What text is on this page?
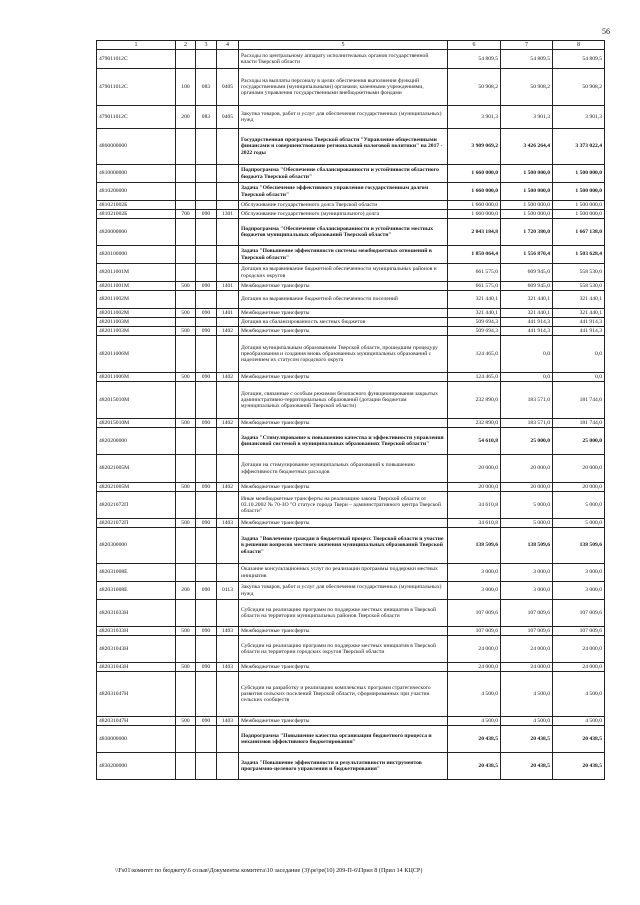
56
1	2	3	4	5	6	7	8
479011012С				Расходы по центральному аппарату исполнительных органов государственной власти Тверской области	54 809,5	54 809,5	54 809,5
479011012С	100	083	0405	Расходы на выплаты персоналу в целях обеспечения выполнения функций государственными (муниципальными) органами, казенными учреждениями, органами управления государственными внебюджетными фондами	50 908,2	50 908,2	50 908,2
479011012С	200	083	0405	Закупка товаров, работ и услуг для обеспечения государственных (муниципальных) нужд	3 901,3	3 901,3	3 901,3
4800000000				Государственная программа Тверской области "Управление общественными финансами и совершенствование региональной налоговой политики" на 2017 - 2022 годы	3 909 069,2	3 426 264,4	3 373 022,4
4810000000				Подпрограмма "Обеспечение сбалансированности и устойчивости областного бюджета Тверской области"	1 660 000,0	1 500 000,0	1 500 000,0
4810200000				Задача "Обеспечение эффективного управления государственным долгом Тверской области"	1 660 000,0	1 500 000,0	1 500 000,0
481021002Б				Обслуживание государственного долга Тверской области	1 660 000,0	1 500 000,0	1 500 000,0
481021002Б	700	090	1301	Обслуживание государственного (муниципального) долга	1 660 000,0	1 500 000,0	1 500 000,0
4820000000				Подпрограмма "Обеспечение сбалансированности и устойчивости местных бюджетов муниципальных образований Тверской области"	2 043 184,8	1 720 380,0	1 667 138,0
4820100000				Задача "Повышение эффективности системы межбюджетных отношений в Тверской области"	1 850 064,4	1 556 870,4	1 503 628,4
482011001М				Дотация на выравнивание бюджетной обеспеченности муниципальных районов и городских округов	661 575,0	609 945,0	558 530,0
482011001М	500	090	1401	Межбюджетные трансферты	661 575,0	609 945,0	558 530,0
482011002М				Дотация на выравнивание бюджетной обеспеченности поселений	321 440,1	321 440,1	321 440,1
482011002М	500	090	1401	Межбюджетные трансферты	321 440,1	321 440,1	321 440,1
482011003М				Дотация на сбалансированность местных бюджетов	509 694,3	441 914,3	441 914,3
482011003М	500	090	1402	Межбюджетные трансферты	509 694,3	441 914,3	441 914,3
482011006М				Дотация муниципальным образованиям Тверской области, прошедшим процедуру преобразования и создания вновь образованных муниципальных образований с наделением их статусом городского округа	124 465,0	0,0	0,0
482011006М	500	090	1402	Межбюджетные трансферты	124 465,0	0,0	0,0
482015010М				Дотации, связанные с особым режимом безопасного функционирования закрытых административно-территориальных образований (дотации бюджетам муниципальных образований Тверской области)	232 890,0	183 571,0	181 744,0
482015010М	500	090	1402	Межбюджетные трансферты	232 890,0	183 571,0	181 744,0
4820200000				Задача "Стимулирование к повышению качества и эффективности управления финансовой системой в муниципальных образованиях Тверской области"	54 610,8	25 000,0	25 000,0
482021005М				Дотации на стимулирование муниципальных образований к повышению эффективности бюджетных расходов	20 000,0	20 000,0	20 000,0
482021005М	500	090	1402	Межбюджетные трансферты	20 000,0	20 000,0	20 000,0
482021072П				Иные межбюджетные трансферты на реализацию закона Тверской области от 03.10.2002 № 70-ЗО "О статусе города Твери – административного центра Тверской области"	34 610,8	5 000,0	5 000,0
482021072П	500	090	1403	Межбюджетные трансферты	34 610,8	5 000,0	5 000,0
4820300000				Задача "Вовлечение граждан в бюджетный процесс Тверской области и участие в решении вопросов местного значения муниципальных образований Тверской области"	138 509,6	138 509,6	138 509,6
482031008Е				Оказание консультационных услуг по реализации программы поддержки местных инициатив	3 000,0	3 000,0	3 000,0
482031008Е	200	090	0113	Закупка товаров, работ и услуг для обеспечения государственных (муниципальных) нужд	3 000,0	3 000,0	3 000,0
482031033Н				Субсидии на реализацию программ по поддержке местных инициатив в Тверской области на территории муниципальных районов Тверской области	107 009,6	107 009,6	107 009,6
482031033Н	500	090	1403	Межбюджетные трансферты	107 009,6	107 009,6	107 009,6
482031043Н				Субсидии на реализацию программ по поддержке местных инициатив в Тверской области на территории городских округов Тверской области	24 000,0	24 000,0	24 000,0
482031043Н	500	090	1403	Межбюджетные трансферты	24 000,0	24 000,0	24 000,0
482031047Н				Субсидии на разработку и реализацию комплексных программ стратегического развития сельских поселений Тверской области, сформированных при участии сельских сообществ	4 500,0	4 500,0	4 500,0
482031047Н	500	090	1403	Межбюджетные трансферты	4 500,0	4 500,0	4 500,0
4830000000				Подпрограмма "Повышение качества организации бюджетного процесса и механизмов эффективного бюджетирования"	20 438,5	20 438,5	20 438,5
4830200000				Задача "Повышение эффективности и результативности инструментов программно-целевого управления и бюджетирования"	20 438,5	20 438,5	20 438,5
\\Fs01\комитет по бюджету\6 созыв\Документы комитета\10 заседание (3)\ре\ре(10) 209-П-6\Прил 8 (Прил 14 КЦСР)
